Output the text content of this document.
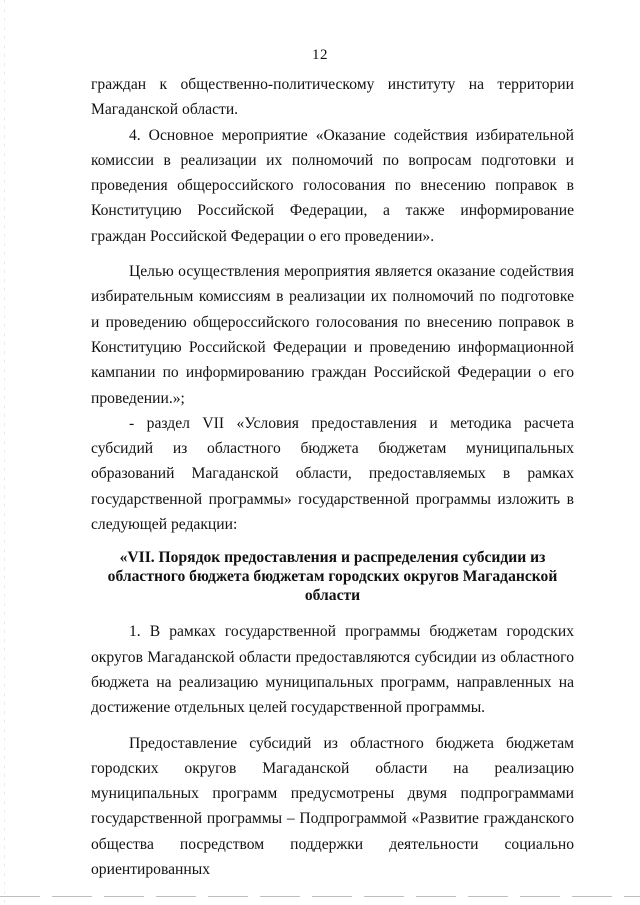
12

граждан к общественно-политическому институту на территории Магаданской области.

4. Основное мероприятие «Оказание содействия избирательной комиссии в реализации их полномочий по вопросам подготовки и проведения общероссийского голосования по внесению поправок в Конституцию Российской Федерации, а также информирование граждан Российской Федерации о его проведении».

Целью осуществления мероприятия является оказание содействия избирательным комиссиям в реализации их полномочий по подготовке и проведению общероссийского голосования по внесению поправок в Конституцию Российской Федерации и проведению информационной кампании по информированию граждан Российской Федерации о его проведении.»;

- раздел VII «Условия предоставления и методика расчета субсидий из областного бюджета бюджетам муниципальных образований Магаданской области, предоставляемых в рамках государственной программы» государственной программы изложить в следующей редакции:

«VII. Порядок предоставления и распределения субсидии из областного бюджета бюджетам городских округов Магаданской области

1. В рамках государственной программы бюджетам городских округов Магаданской области предоставляются субсидии из областного бюджета на реализацию муниципальных программ, направленных на достижение отдельных целей государственной программы.

Предоставление субсидий из областного бюджета бюджетам городских округов Магаданской области на реализацию муниципальных программ предусмотрены двумя подпрограммами государственной программы – Подпрограммой «Развитие гражданского общества посредством поддержки деятельности социально ориентированных
